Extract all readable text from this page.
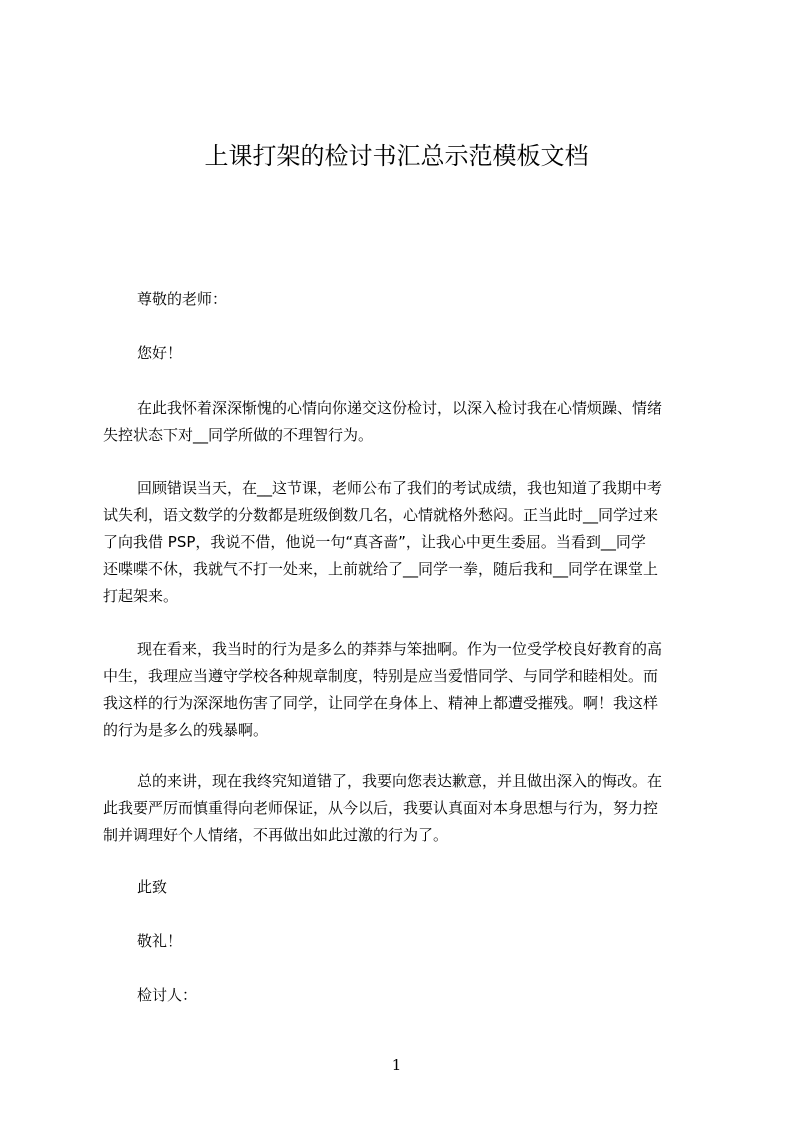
上课打架的检讨书汇总示范模板文档
尊敬的老师：
您好！
在此我怀着深深惭愧的心情向你递交这份检讨，以深入检讨我在心情烦躁、情绪
失控状态下对__同学所做的不理智行为。
回顾错误当天，在__这节课，老师公布了我们的考试成绩，我也知道了我期中考
试失利，语文数学的分数都是班级倒数几名，心情就格外愁闷。正当此时__同学过来
了向我借 PSP，我说不借，他说一句“真吝啬”，让我心中更生委屈。当看到__同学
还喋喋不休，我就气不打一处来，上前就给了__同学一拳，随后我和__同学在课堂上
打起架来。
现在看来，我当时的行为是多么的莽莽与笨拙啊。作为一位受学校良好教育的高
中生，我理应当遵守学校各种规章制度，特别是应当爱惜同学、与同学和睦相处。而
我这样的行为深深地伤害了同学，让同学在身体上、精神上都遭受摧残。啊！我这样
的行为是多么的残暴啊。
总的来讲，现在我终究知道错了，我要向您表达歉意，并且做出深入的悔改。在
此我要严厉而慎重得向老师保证，从今以后，我要认真面对本身思想与行为，努力控
制并调理好个人情绪，不再做出如此过激的行为了。
此致
敬礼！
检讨人：
1
